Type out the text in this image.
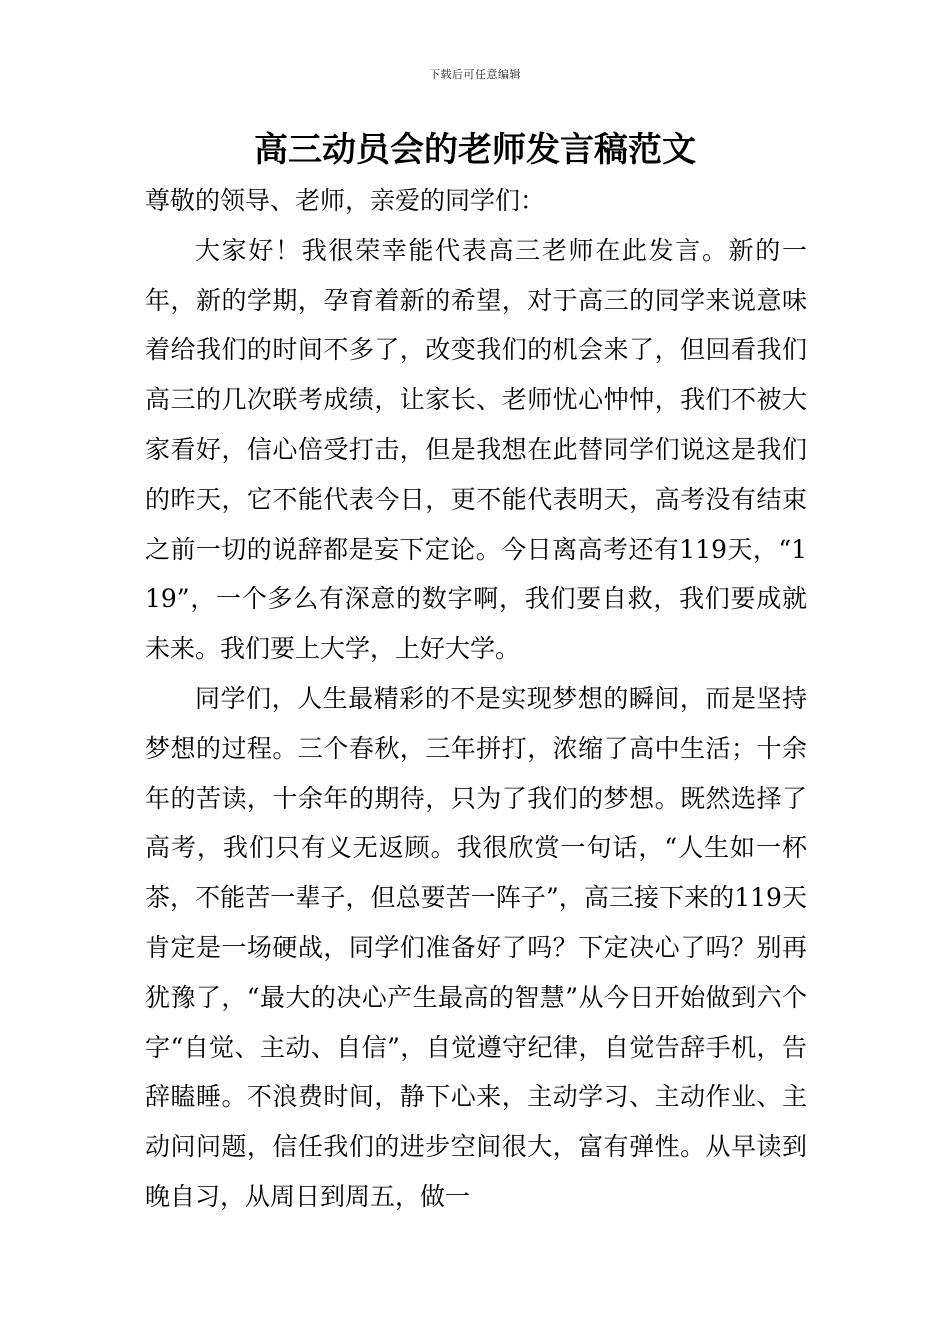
下载后可任意编辑
高三动员会的老师发言稿范文

尊敬的领导、老师，亲爱的同学们：

大家好！我很荣幸能代表高三老师在此发言。新的一年，新的学期，孕育着新的希望，对于高三的同学来说意味着给我们的时间不多了，改变我们的机会来了，但回看我们高三的几次联考成绩，让家长、老师忧心忡忡，我们不被大家看好，信心倍受打击，但是我想在此替同学们说这是我们的昨天，它不能代表今日，更不能代表明天，高考没有结束之前一切的说辞都是妄下定论。今日离高考还有119天，“119”，一个多么有深意的数字啊，我们要自救，我们要成就未来。我们要上大学，上好大学。

同学们，人生最精彩的不是实现梦想的瞬间，而是坚持梦想的过程。三个春秋，三年拼打，浓缩了高中生活；十余年的苦读，十余年的期待，只为了我们的梦想。既然选择了高考，我们只有义无返顾。我很欣赏一句话，“人生如一杯茶，不能苦一辈子，但总要苦一阵子”，高三接下来的119天肯定是一场硬战，同学们准备好了吗？下定决心了吗？别再犹豫了，“最大的决心产生最高的智慧”从今日开始做到六个字“自觉、主动、自信”，自觉遵守纪律，自觉告辞手机，告辞瞌睡。不浪费时间，静下心来，主动学习、主动作业、主动问问题，信任我们的进步空间很大，富有弹性。从早读到晚自习，从周日到周五，做一
